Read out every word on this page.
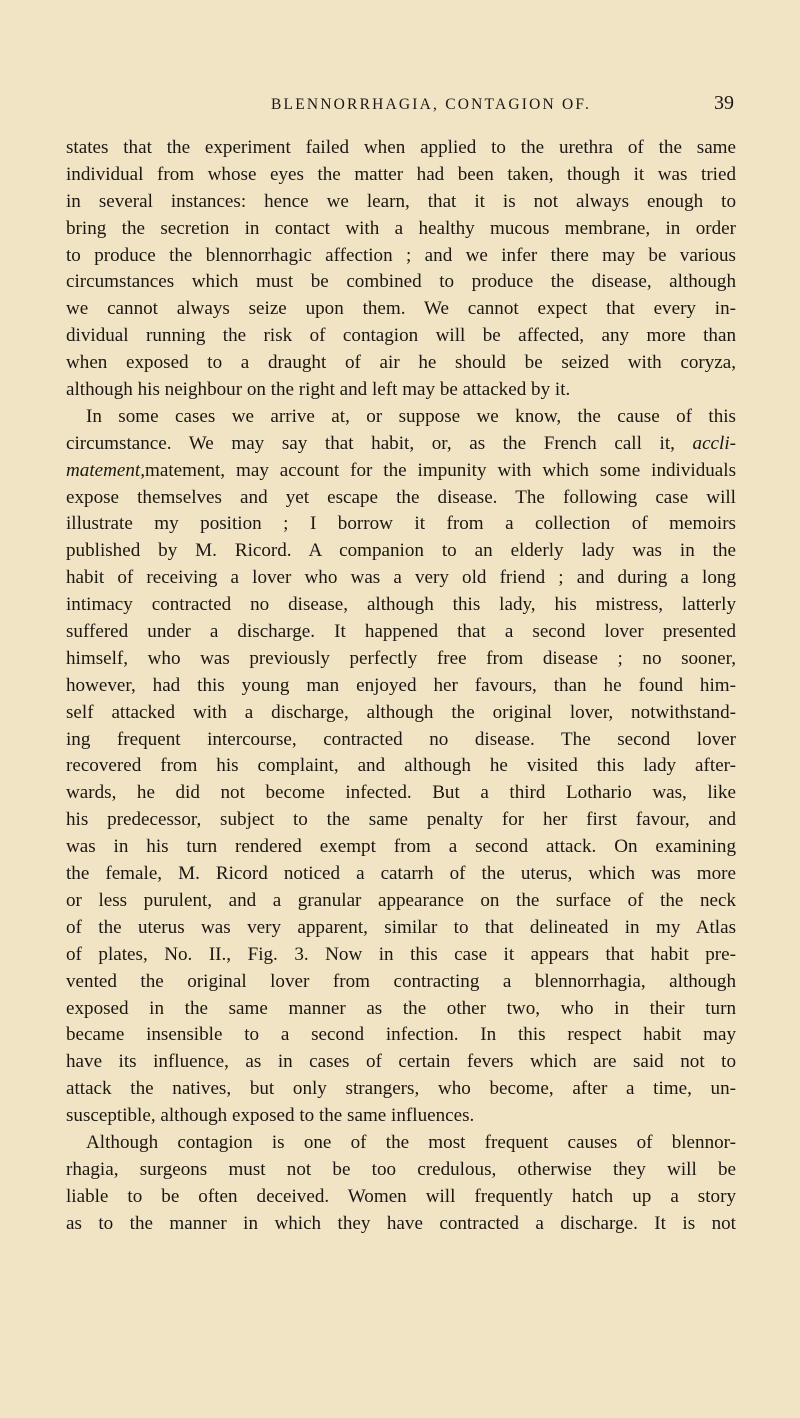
BLENNORRHAGIA, CONTAGION OF.	39
states that the experiment failed when applied to the urethra of the same
individual from whose eyes the matter had been taken, though it was tried
in several instances: hence we learn, that it is not always enough to
bring the secretion in contact with a healthy mucous membrane, in order
to produce the blennorrhagic affection ; and we infer there may be various
circumstances which must be combined to produce the disease, although
we cannot always seize upon them. We cannot expect that every in-
dividual running the risk of contagion will be affected, any more than
when exposed to a draught of air he should be seized with coryza,
although his neighbour on the right and left may be attacked by it.
In some cases we arrive at, or suppose we know, the cause of this
circumstance. We may say that habit, or, as the French call it, accli-
matement,matement, may account for the impunity with which some individuals
expose themselves and yet escape the disease. The following case will
illustrate my position ; I borrow it from a collection of memoirs
published by M. Ricord. A companion to an elderly lady was in the
habit of receiving a lover who was a very old friend ; and during a long
intimacy contracted no disease, although this lady, his mistress, latterly
suffered under a discharge. It happened that a second lover presented
himself, who was previously perfectly free from disease ; no sooner,
however, had this young man enjoyed her favours, than he found him-
self attacked with a discharge, although the original lover, notwithstand-
ing frequent intercourse, contracted no disease. The second lover
recovered from his complaint, and although he visited this lady after-
wards, he did not become infected. But a third Lothario was, like
his predecessor, subject to the same penalty for her first favour, and
was in his turn rendered exempt from a second attack. On examining
the female, M. Ricord noticed a catarrh of the uterus, which was more
or less purulent, and a granular appearance on the surface of the neck
of the uterus was very apparent, similar to that delineated in my Atlas
of plates, No. II., Fig. 3. Now in this case it appears that habit pre-
vented the original lover from contracting a blennorrhagia, although
exposed in the same manner as the other two, who in their turn
became insensible to a second infection. In this respect habit may
have its influence, as in cases of certain fevers which are said not to
attack the natives, but only strangers, who become, after a time, un-
susceptible, although exposed to the same influences.
Although contagion is one of the most frequent causes of blennor-
rhagia, surgeons must not be too credulous, otherwise they will be
liable to be often deceived. Women will frequently hatch up a story
as to the manner in which they have contracted a discharge. It is not
